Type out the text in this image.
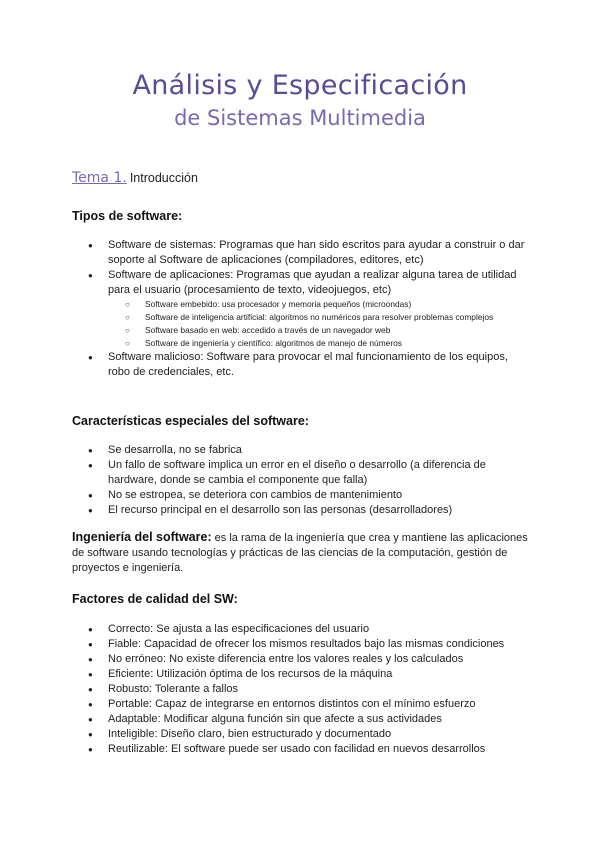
Análisis y Especificación
de Sistemas Multimedia
Tema 1. Introducción
Tipos de software:
● Software de sistemas: Programas que han sido escritos para ayudar a construir o dar soporte al Software de aplicaciones (compiladores, editores, etc)
● Software de aplicaciones: Programas que ayudan a realizar alguna tarea de utilidad para el usuario (procesamiento de texto, videojuegos, etc)
○ Software embebido: usa procesador y memoria pequeños (microondas)
○ Software de inteligencia artificial: algoritmos no numéricos para resolver problemas complejos
○ Software basado en web: accedido a través de un navegador web
○ Software de ingeniería y científico: algoritmos de manejo de números
● Software malicioso: Software para provocar el mal funcionamiento de los equipos, robo de credenciales, etc.
Características especiales del software:
● Se desarrolla, no se fabrica
● Un fallo de software implica un error en el diseño o desarrollo (a diferencia de hardware, donde se cambia el componente que falla)
● No se estropea, se deteriora con cambios de mantenimiento
● El recurso principal en el desarrollo son las personas (desarrolladores)
Ingeniería del software: es la rama de la ingeniería que crea y mantiene las aplicaciones de software usando tecnologías y prácticas de las ciencias de la computación, gestión de proyectos e ingeniería.
Factores de calidad del SW:
● Correcto: Se ajusta a las especificaciones del usuario
● Fiable: Capacidad de ofrecer los mismos resultados bajo las mismas condiciones
● No erróneo: No existe diferencia entre los valores reales y los calculados
● Eficiente: Utilización óptima de los recursos de la máquina
● Robusto: Tolerante a fallos
● Portable: Capaz de integrarse en entornos distintos con el mínimo esfuerzo
● Adaptable: Modificar alguna función sin que afecte a sus actividades
● Inteligible: Diseño claro, bien estructurado y documentado
● Reutilizable: El software puede ser usado con facilidad en nuevos desarrollos
